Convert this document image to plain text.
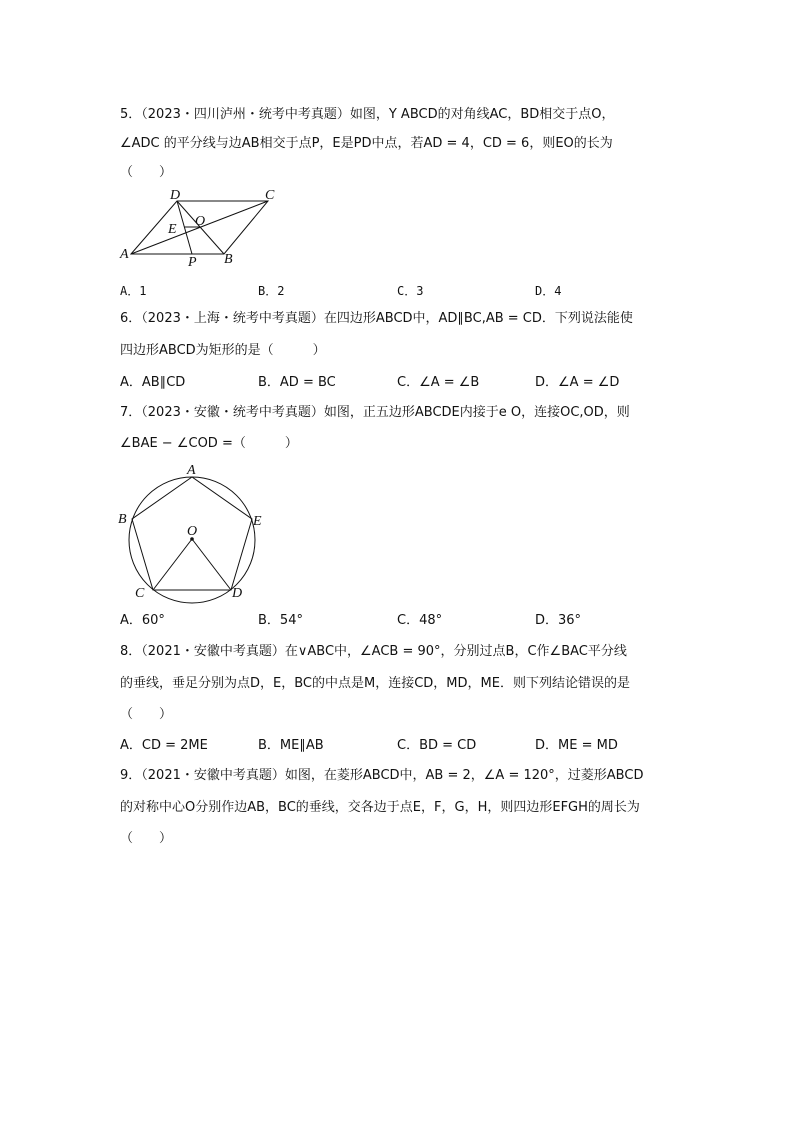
5．（2023・四川泸州・统考中考真题）如图，Y ABCD的对角线AC，BD相交于点O，
∠ADC 的平分线与边AB相交于点P，E是PD中点，若AD = 4，CD = 6，则EO的长为
（　　）
D	C
O
E
A
P B
A．1	B．2	C．3	D．4
6．（2023・上海・统考中考真题）在四边形ABCD中，AD∥BC,AB = CD．下列说法能使
四边形ABCD为矩形的是（　　　）
A．AB∥CD	B．AD = BC	C．∠A = ∠B	D．∠A = ∠D
7．（2023・安徽・统考中考真题）如图，正五边形ABCDE内接于e O，连接OC,OD，则
∠BAE − ∠COD =（　　　）
A
B	E
O
C	D
A．60°	B．54°	C．48°	D．36°
8．（2021・安徽中考真题）在∨ABC中，∠ACB = 90°，分别过点B，C作∠BAC平分线
的垂线，垂足分别为点D，E，BC的中点是M，连接CD，MD，ME．则下列结论错误的是
（　　）
A．CD = 2ME	B．ME∥AB	C．BD = CD	D．ME = MD
9．（2021・安徽中考真题）如图，在菱形ABCD中，AB = 2，∠A = 120°，过菱形ABCD
的对称中心O分别作边AB，BC的垂线，交各边于点E，F，G，H，则四边形EFGH的周长为
（　　）
